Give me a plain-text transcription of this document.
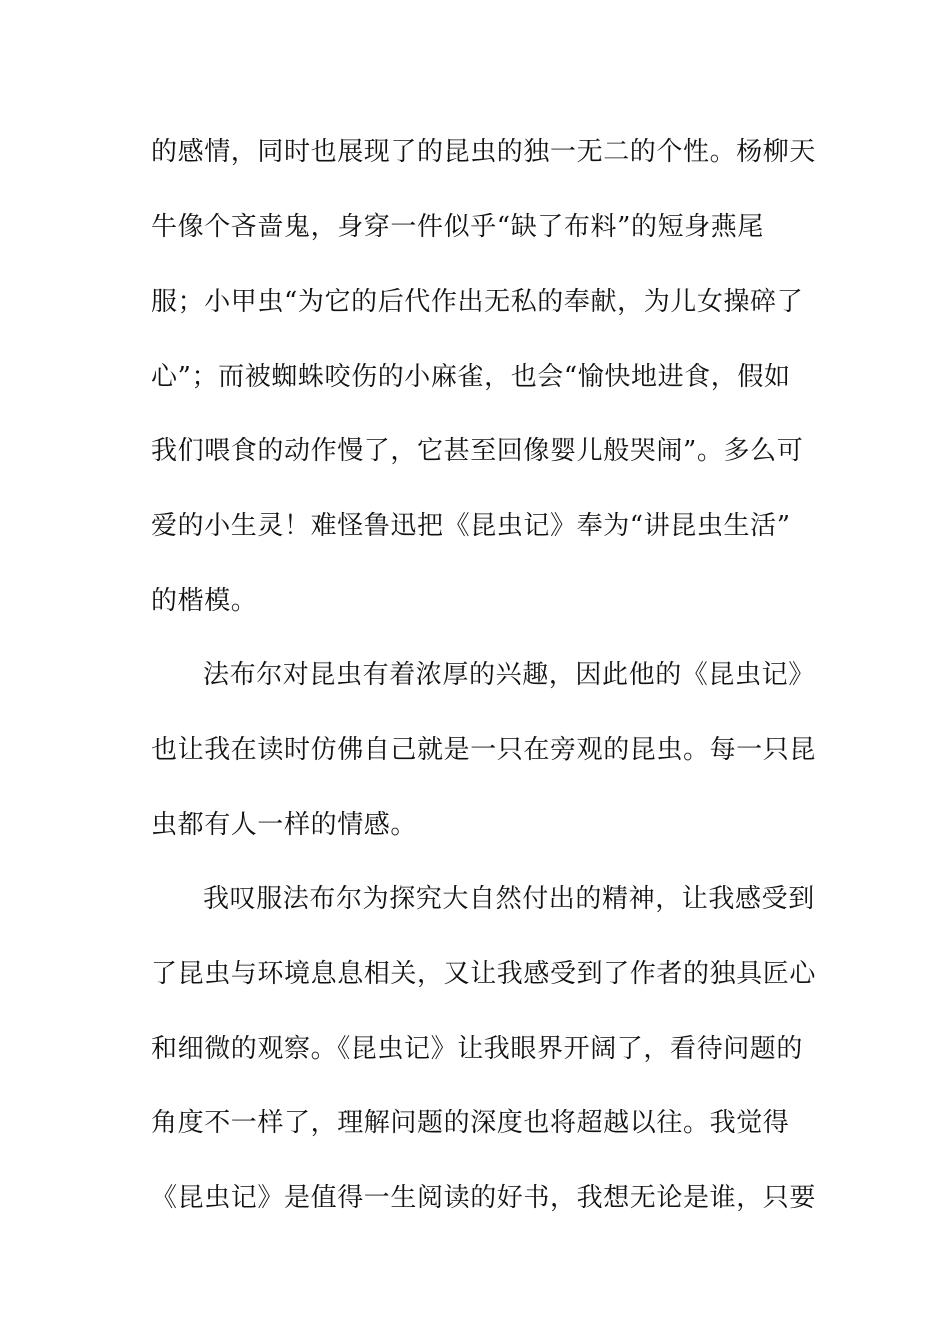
的感情，同时也展现了的昆虫的独一无二的个性。杨柳天
牛像个吝啬鬼，身穿一件似乎“缺了布料”的短身燕尾
服；小甲虫“为它的后代作出无私的奉献，为儿女操碎了
心”；而被蜘蛛咬伤的小麻雀，也会“愉快地进食，假如
我们喂食的动作慢了，它甚至回像婴儿般哭闹”。多么可
爱的小生灵！难怪鲁迅把《昆虫记》奉为“讲昆虫生活”
的楷模。
法布尔对昆虫有着浓厚的兴趣，因此他的《昆虫记》
也让我在读时仿佛自己就是一只在旁观的昆虫。每一只昆
虫都有人一样的情感。
我叹服法布尔为探究大自然付出的精神，让我感受到
了昆虫与环境息息相关，又让我感受到了作者的独具匠心
和细微的观察。《昆虫记》让我眼界开阔了，看待问题的
角度不一样了，理解问题的深度也将超越以往。我觉得
《昆虫记》是值得一生阅读的好书，我想无论是谁，只要
